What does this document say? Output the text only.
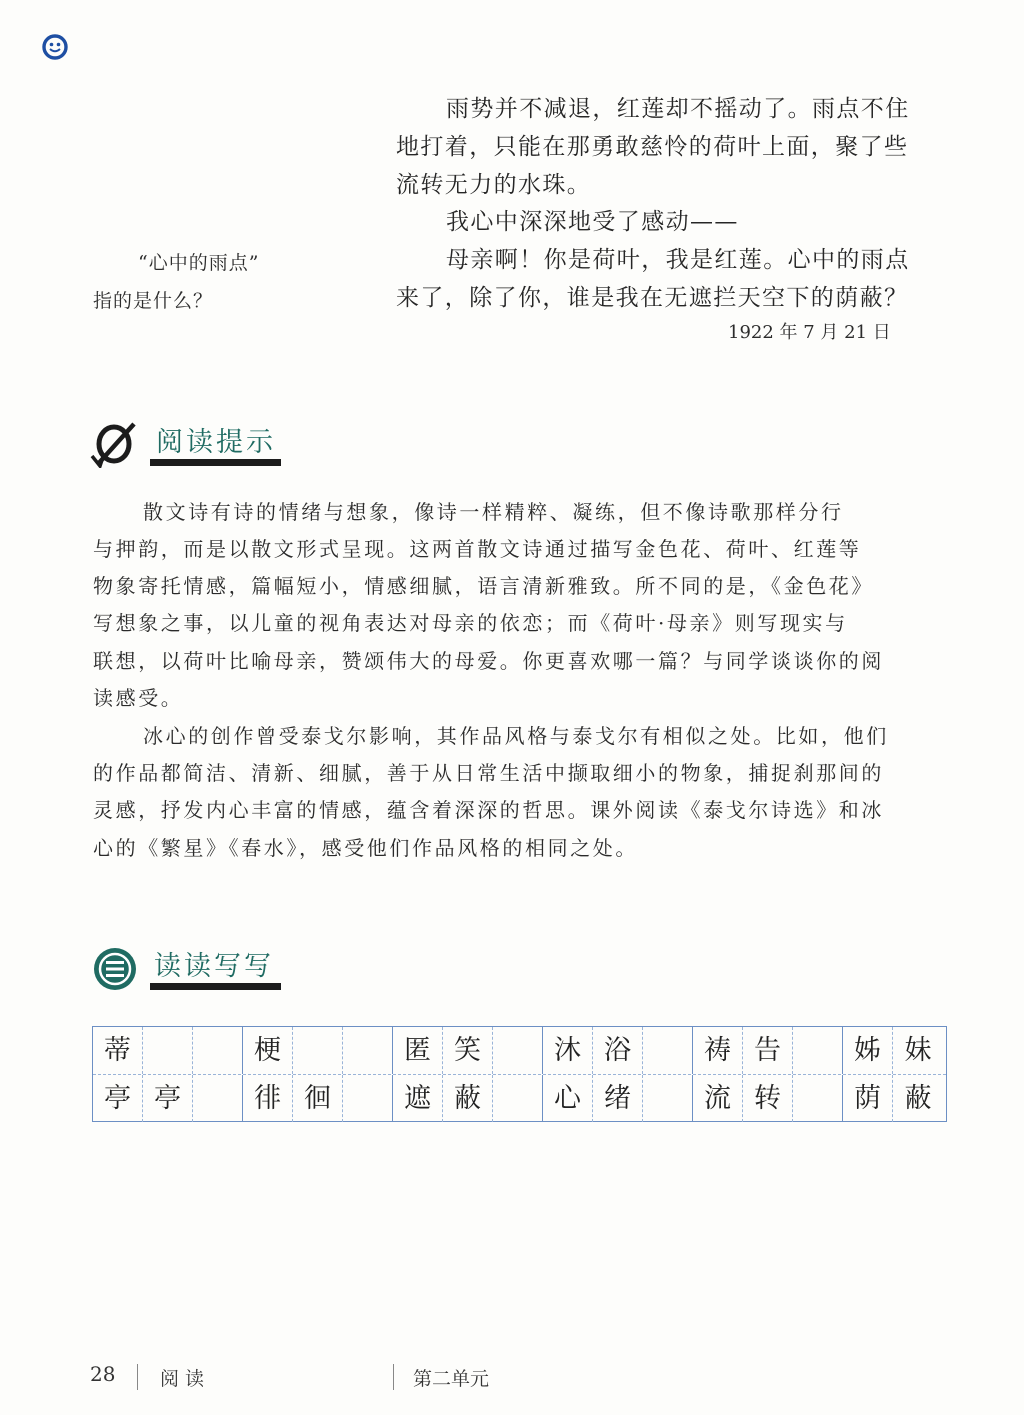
雨势并不减退，红莲却不摇动了。雨点不住
地打着，只能在那勇敢慈怜的荷叶上面，聚了些
流转无力的水珠。
我心中深深地受了感动——
母亲啊！你是荷叶，我是红莲。心中的雨点
来了，除了你，谁是我在无遮拦天空下的荫蔽？
1922 年 7 月 21 日
“心中的雨点”
指的是什么？
阅读提示
散文诗有诗的情绪与想象，像诗一样精粹、凝练，但不像诗歌那样分行
与押韵，而是以散文形式呈现。这两首散文诗通过描写金色花、荷叶、红莲等
物象寄托情感，篇幅短小，情感细腻，语言清新雅致。所不同的是，《金色花》
写想象之事，以儿童的视角表达对母亲的依恋；而《荷叶·母亲》则写现实与
联想，以荷叶比喻母亲，赞颂伟大的母爱。你更喜欢哪一篇？与同学谈谈你的阅
读感受。
冰心的创作曾受泰戈尔影响，其作品风格与泰戈尔有相似之处。比如，他们
的作品都简洁、清新、细腻，善于从日常生活中撷取细小的物象，捕捉刹那间的
灵感，抒发内心丰富的情感，蕴含着深深的哲思。课外阅读《泰戈尔诗选》和冰
心的《繁星》《春水》，感受他们作品风格的相同之处。
读读写写
蒂	梗	匿 笑	沐 浴	祷 告	姊 妹
亭 亭	徘 徊	遮 蔽	心 绪	流 转	荫 蔽
28 阅 读	第二单元
